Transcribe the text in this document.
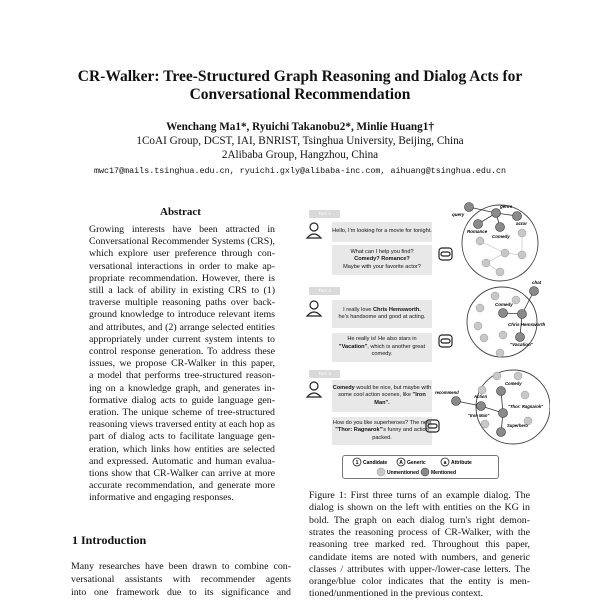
CR-Walker: Tree-Structured Graph Reasoning and Dialog Acts for
Conversational Recommendation
Wenchang Ma1*, Ryuichi Takanobu2*, Minlie Huang1†
1CoAI Group, DCST, IAI, BNRIST, Tsinghua University, Beijing, China
2Alibaba Group, Hangzhou, China
mwc17@mails.tsinghua.edu.cn, ryuichi.gxly@alibaba-inc.com, aihuang@tsinghua.edu.cn
Abstract
Growing interests have been attracted in
Conversational Recommender Systems (CRS),
which explore user preference through con-
versational interactions in order to make ap-
propriate recommendation. However, there is
still a lack of ability in existing CRS to (1)
traverse multiple reasoning paths over back-
ground knowledge to introduce relevant items
and attributes, and (2) arrange selected entities
appropriately under current system intents to
control response generation. To address these
issues, we propose CR-Walker in this paper,
a model that performs tree-structured reason-
ing on a knowledge graph, and generates in-
formative dialog acts to guide language gen-
eration. The unique scheme of tree-structured
reasoning views traversed entity at each hop as
part of dialog acts to facilitate language gen-
eration, which links how entities are selected
and expressed. Automatic and human evalua-
tions show that CR-Walker can arrive at more
accurate recommendation, and generate more
informative and engaging responses.
1 Introduction
Many researches have been drawn to combine con-
versational assistants with recommender agents
into one framework due to its significance and
Turn 1
Turn 2
Turn 3
Hello, I'm looking for a movie for tonight.
What can I help you find?
Comedy? Romance?
Maybe with your favorite actor?
I really love Chris Hemsworth.
he's handsome and good at acting.
He really is! He also stars in
"Vacation", which is another great comedy.
Comedy would be nice, but maybe with some cool action scenes, like "Iron Man".
How do you like superheroes? The new "Thor: Ragnarok"'s funny and action packed.
query
genre
actor
Romance
Comedy
chat
Comedy
Chris Hemsworth
"Vacation"
recommend
Action
Comedy
"Iron Man"
"Thor: Ragnarok"
Superhero
1	A	a
Candidate	Generic	Attribute
Unmentioned Mentioned
Figure 1: First three turns of an example dialog. The
dialog is shown on the left with entities on the KG in
bold. The graph on each dialog turn's right demon-
strates the reasoning process of CR-Walker, with the
reasoning tree marked red. Throughout this paper,
candidate items are noted with numbers, and generic
classes / attributes with upper-/lower-case letters. The
orange/blue color indicates that the entity is men-
tioned/unmentioned in the previous context.
